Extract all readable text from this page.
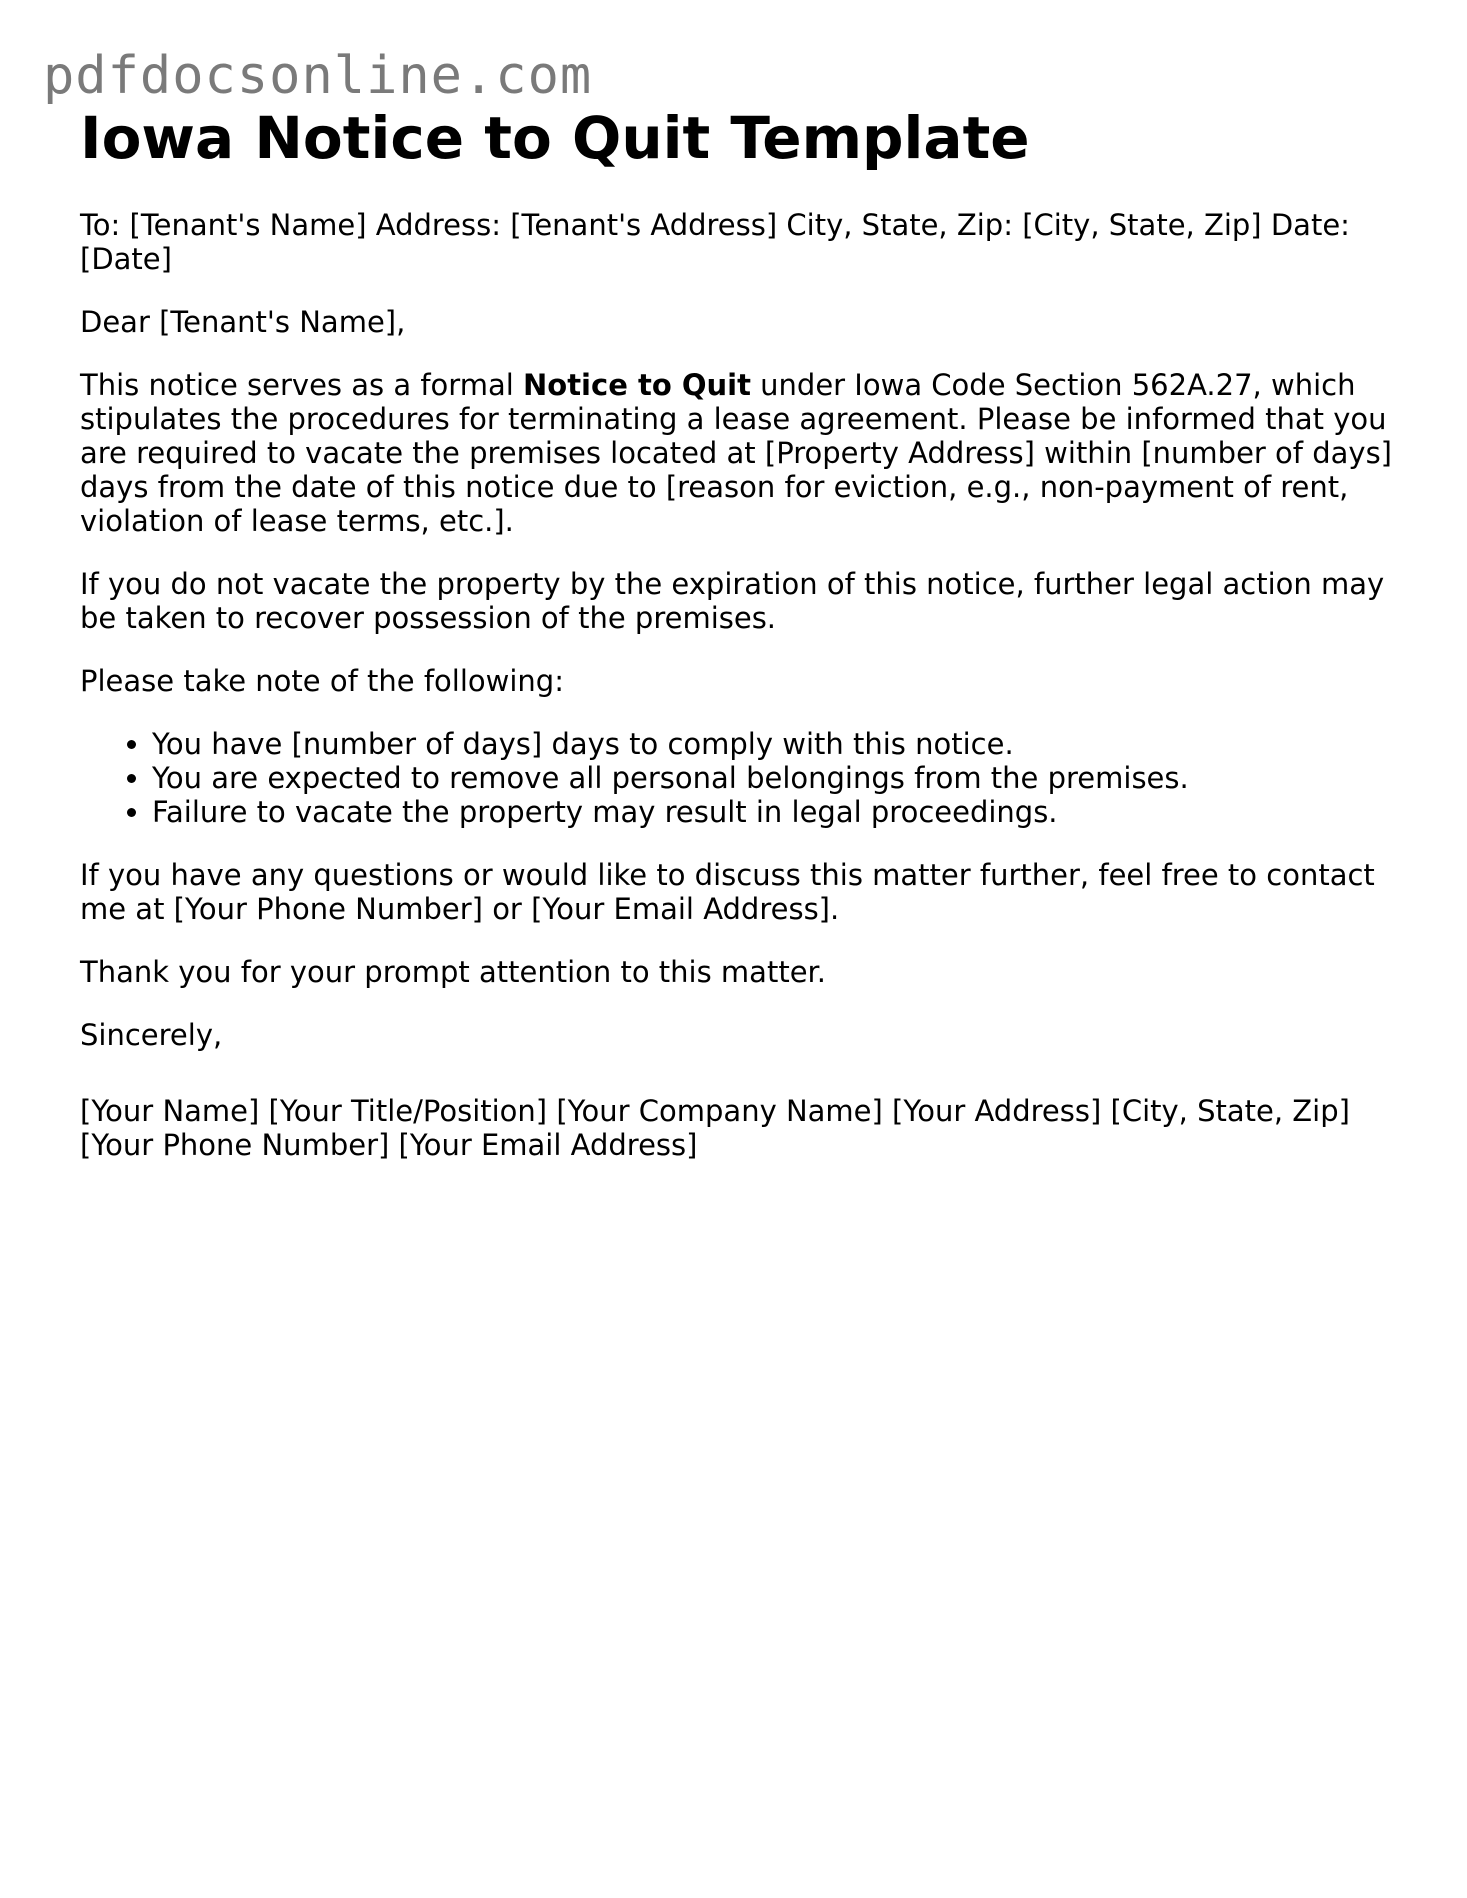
pdfdocsonline.com
Iowa Notice to Quit Template

To: [Tenant's Name] Address: [Tenant's Address] City, State, Zip: [City, State, Zip] Date: [Date]

Dear [Tenant's Name],

This notice serves as a formal Notice to Quit under Iowa Code Section 562A.27, which stipulates the procedures for terminating a lease agreement. Please be informed that you are required to vacate the premises located at [Property Address] within [number of days] days from the date of this notice due to [reason for eviction, e.g., non-payment of rent, violation of lease terms, etc.].

If you do not vacate the property by the expiration of this notice, further legal action may be taken to recover possession of the premises.

Please take note of the following:

• You have [number of days] days to comply with this notice.
• You are expected to remove all personal belongings from the premises.
• Failure to vacate the property may result in legal proceedings.

If you have any questions or would like to discuss this matter further, feel free to contact me at [Your Phone Number] or [Your Email Address].

Thank you for your prompt attention to this matter.

Sincerely,

[Your Name] [Your Title/Position] [Your Company Name] [Your Address] [City, State, Zip] [Your Phone Number] [Your Email Address]
